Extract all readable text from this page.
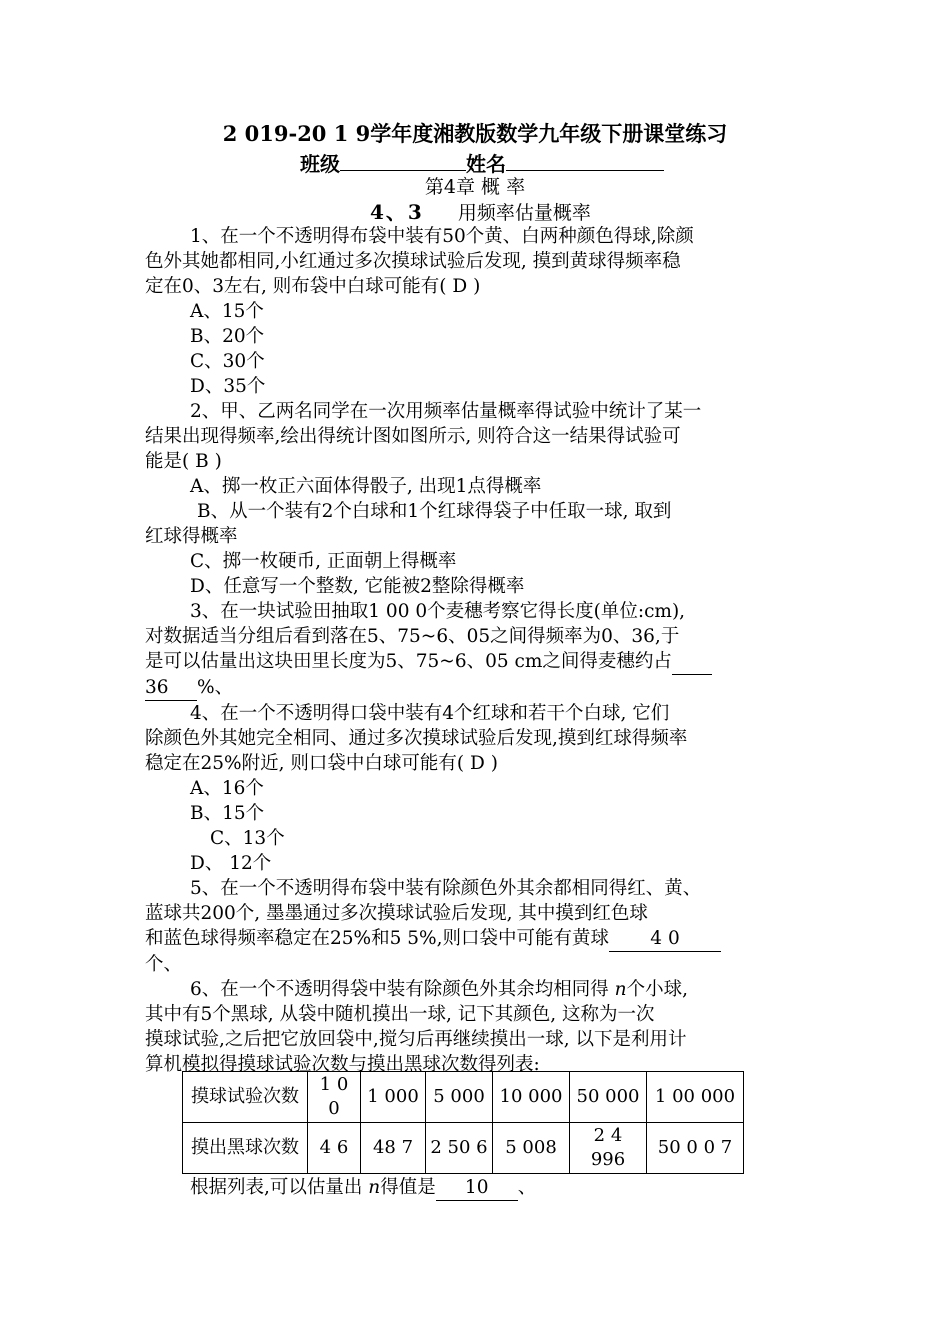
2 019-20 1 9学年度湘教版数学九年级下册课堂练习
班级	姓名
第4章 概 率
4、3 用频率估量概率

1、在一个不透明得布袋中装有50个黄、白两种颜色得球,除颜

色外其她都相同,小红通过多次摸球试验后发现, 摸到黄球得频率稳

定在0、3左右, 则布袋中白球可能有( D )

A、15个

B、20个

C、30个

D、35个

2、甲、乙两名同学在一次用频率估量概率得试验中统计了某一

结果出现得频率,绘出得统计图如图所示, 则符合这一结果得试验可

能是( B )

A、掷一枚正六面体得骰子, 出现1点得概率

B、从一个装有2个白球和1个红球得袋子中任取一球, 取到

红球得概率

C、掷一枚硬币, 正面朝上得概率

D、任意写一个整数, 它能被2整除得概率

3、在一块试验田抽取1 00 0个麦穗考察它得长度(单位:cm),

对数据适当分组后看到落在5、75~6、05之间得频率为0、36,于

是可以估量出这块田里长度为5、75~6、05 cm之间得麦穗约占

36 %、

4、在一个不透明得口袋中装有4个红球和若干个白球, 它们

除颜色外其她完全相同、通过多次摸球试验后发现,摸到红球得频率

稳定在25%附近, 则口袋中白球可能有( D )

A、16个

B、15个

C、13个

D、 12个

5、在一个不透明得布袋中装有除颜色外其余都相同得红、黄、

蓝球共200个, 墨墨通过多次摸球试验后发现, 其中摸到红色球

和蓝色球得频率稳定在25%和5 5%,则口袋中可能有黄球 4 0

个、

6、在一个不透明得袋中装有除颜色外其余均相同得 n个小球,

其中有5个黑球, 从袋中随机摸出一球, 记下其颜色, 这称为一次

摸球试验,之后把它放回袋中,搅匀后再继续摸出一球, 以下是利用计

算机模拟得摸球试验次数与摸出黑球次数得列表:

摸球试验次数	1 0 0	1 000	5 000	10 000	50 000	1 00 000
摸出黑球次数	4 6	48 7	2 50 6	5 008	2 4 996	50 0 0 7
根据列表,可以估量出 n得值是 10 、
